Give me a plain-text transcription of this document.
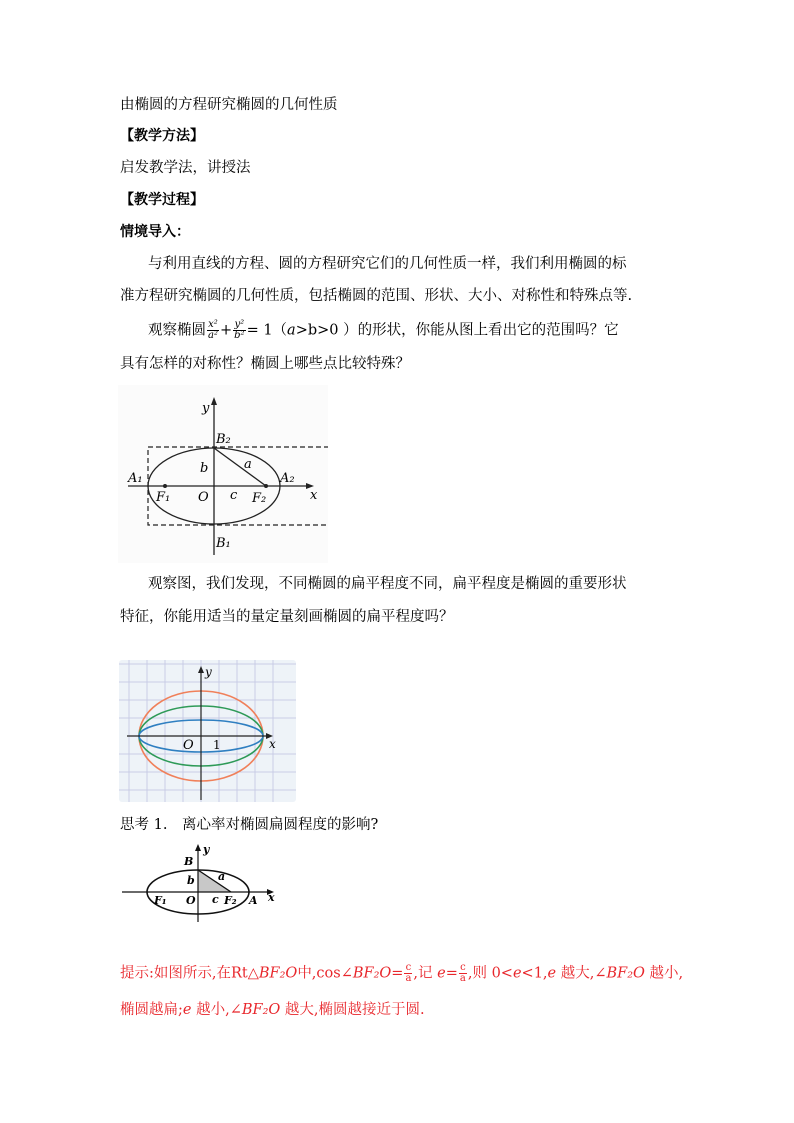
由椭圆的方程研究椭圆的几何性质
【教学方法】
启发教学法，讲授法
【教学过程】
情境导入：
与利用直线的方程、圆的方程研究它们的几何性质一样，我们利用椭圆的标
准方程研究椭圆的几何性质，包括椭圆的范围、形状、大小、对称性和特殊点等.
观察椭圆 $\frac{\text{x²}}{\text{a²}} + \frac{\text{y²}}{\text{b²}} = 1(a>b>0$ ）的形状，你能从图上看出它的范围吗？它
具有怎样的对称性？椭圆上哪些点比较特殊？
y
x
B₂
B₁
A₁	A₂
F₁	F₂
O
a
b
c
观察图，我们发现，不同椭圆的扁平程度不同，扁平程度是椭圆的重要形状
特征，你能用适当的量定量刻画椭圆的扁平程度吗？
y
x
O 1
思考 1.　离心率对椭圆扁圆程度的影响?
y
x
B
O
F₁	F₂ A
a
b
c
提示:如图所示,在Rt△BF₂O中,cos∠BF₂O= $\frac{c}{a}$ ,记 $e= \frac{c}{a}$ ,则 0<e<1,e 越大,∠BF₂O 越小,
椭圆越扁;e 越小,∠BF₂O 越大,椭圆越接近于圆.
